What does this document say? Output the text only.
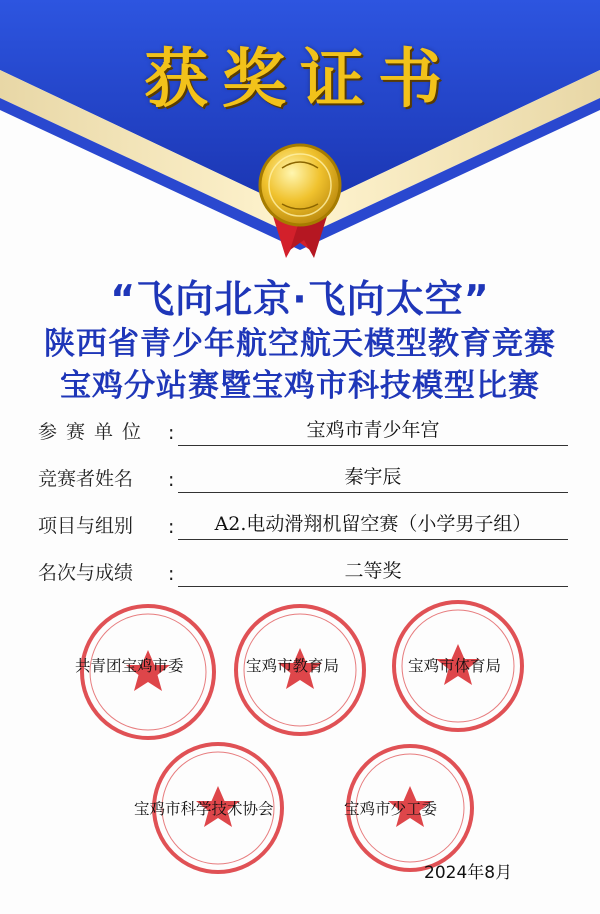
获奖证书
“飞向北京·飞向太空”
陕西省青少年航空航天模型教育竞赛
宝鸡分站赛暨宝鸡市科技模型比赛
参赛单位 :	宝鸡市青少年宫
竞赛者姓名 :	秦宇辰
项目与组别 :	A2.电动滑翔机留空赛（小学男子组）
名次与成绩 :	二等奖
共青团宝鸡市委	宝鸡市教育局	宝鸡市体育局
宝鸡市科学技术协会	宝鸡市少工委
2024年8月
